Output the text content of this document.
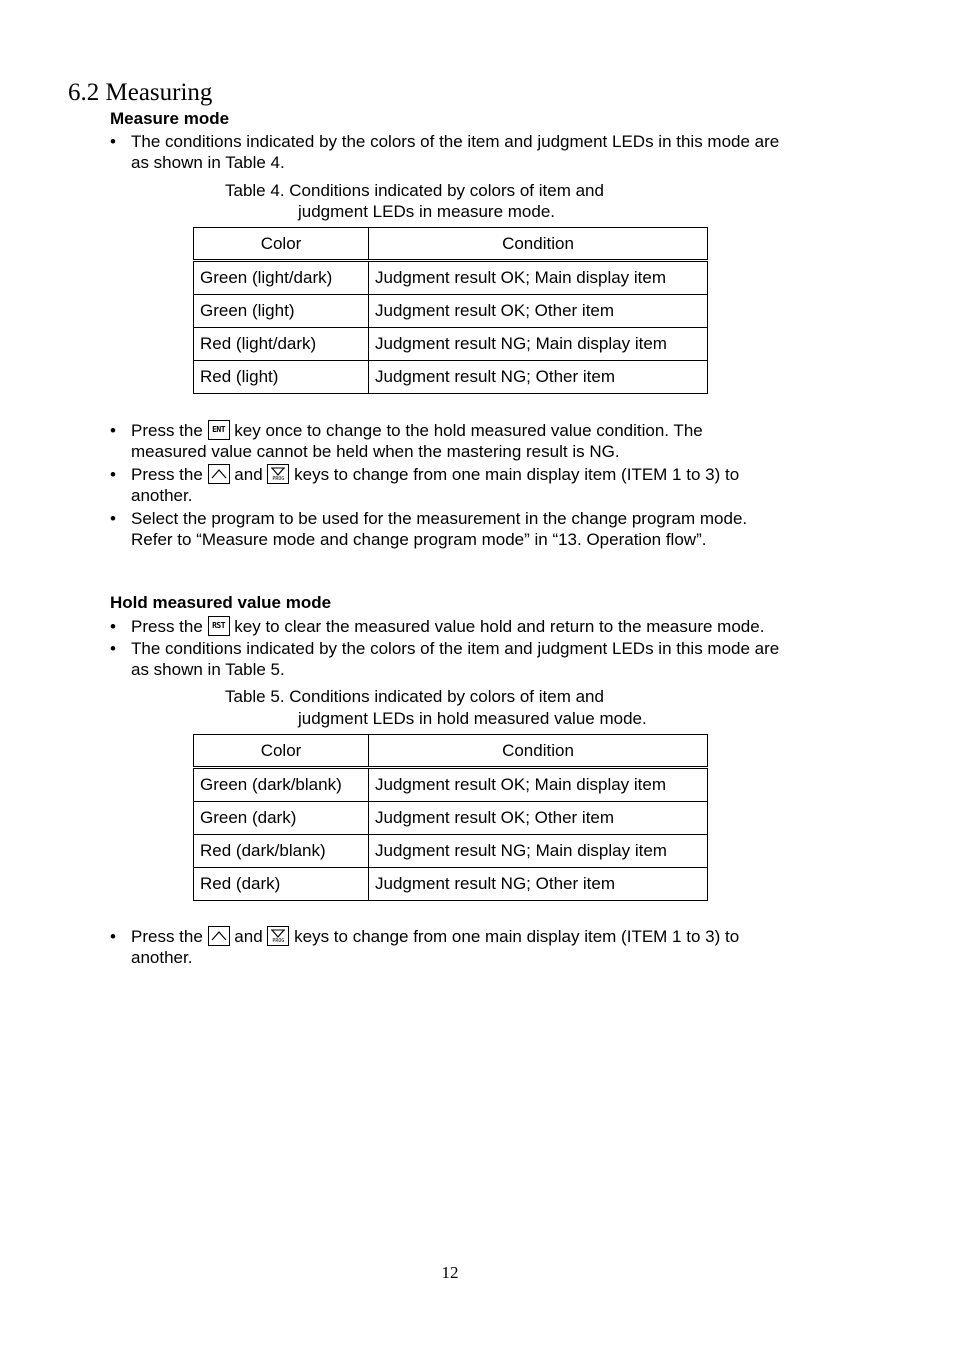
6.2 Measuring
Measure mode
• The conditions indicated by the colors of the item and judgment LEDs in this mode are
as shown in Table 4.
Table 4. Conditions indicated by colors of item and
judgment LEDs in measure mode.
Color	Condition
Green (light/dark)	Judgment result OK; Main display item
Green (light)	Judgment result OK; Other item
Red (light/dark)	Judgment result NG; Main display item
Red (light)	Judgment result NG; Other item
• Press the	ENT key once to change to the hold measured value condition. The
measured value cannot be held when the mastering result is NG.
• Press the and	PROG keys to change from one main display item (ITEM 1 to 3) to
another.
• Select the program to be used for the measurement in the change program mode.
Refer to “Measure mode and change program mode” in “13. Operation flow”.
Hold measured value mode
• Press the	RST key to clear the measured value hold and return to the measure mode.
• The conditions indicated by the colors of the item and judgment LEDs in this mode are
as shown in Table 5.
Table 5. Conditions indicated by colors of item and
judgment LEDs in hold measured value mode.
Color	Condition
Green (dark/blank)	Judgment result OK; Main display item
Green (dark)	Judgment result OK; Other item
Red (dark/blank)	Judgment result NG; Main display item
Red (dark)	Judgment result NG; Other item
• Press the and	PROG keys to change from one main display item (ITEM 1 to 3) to
another.
12
